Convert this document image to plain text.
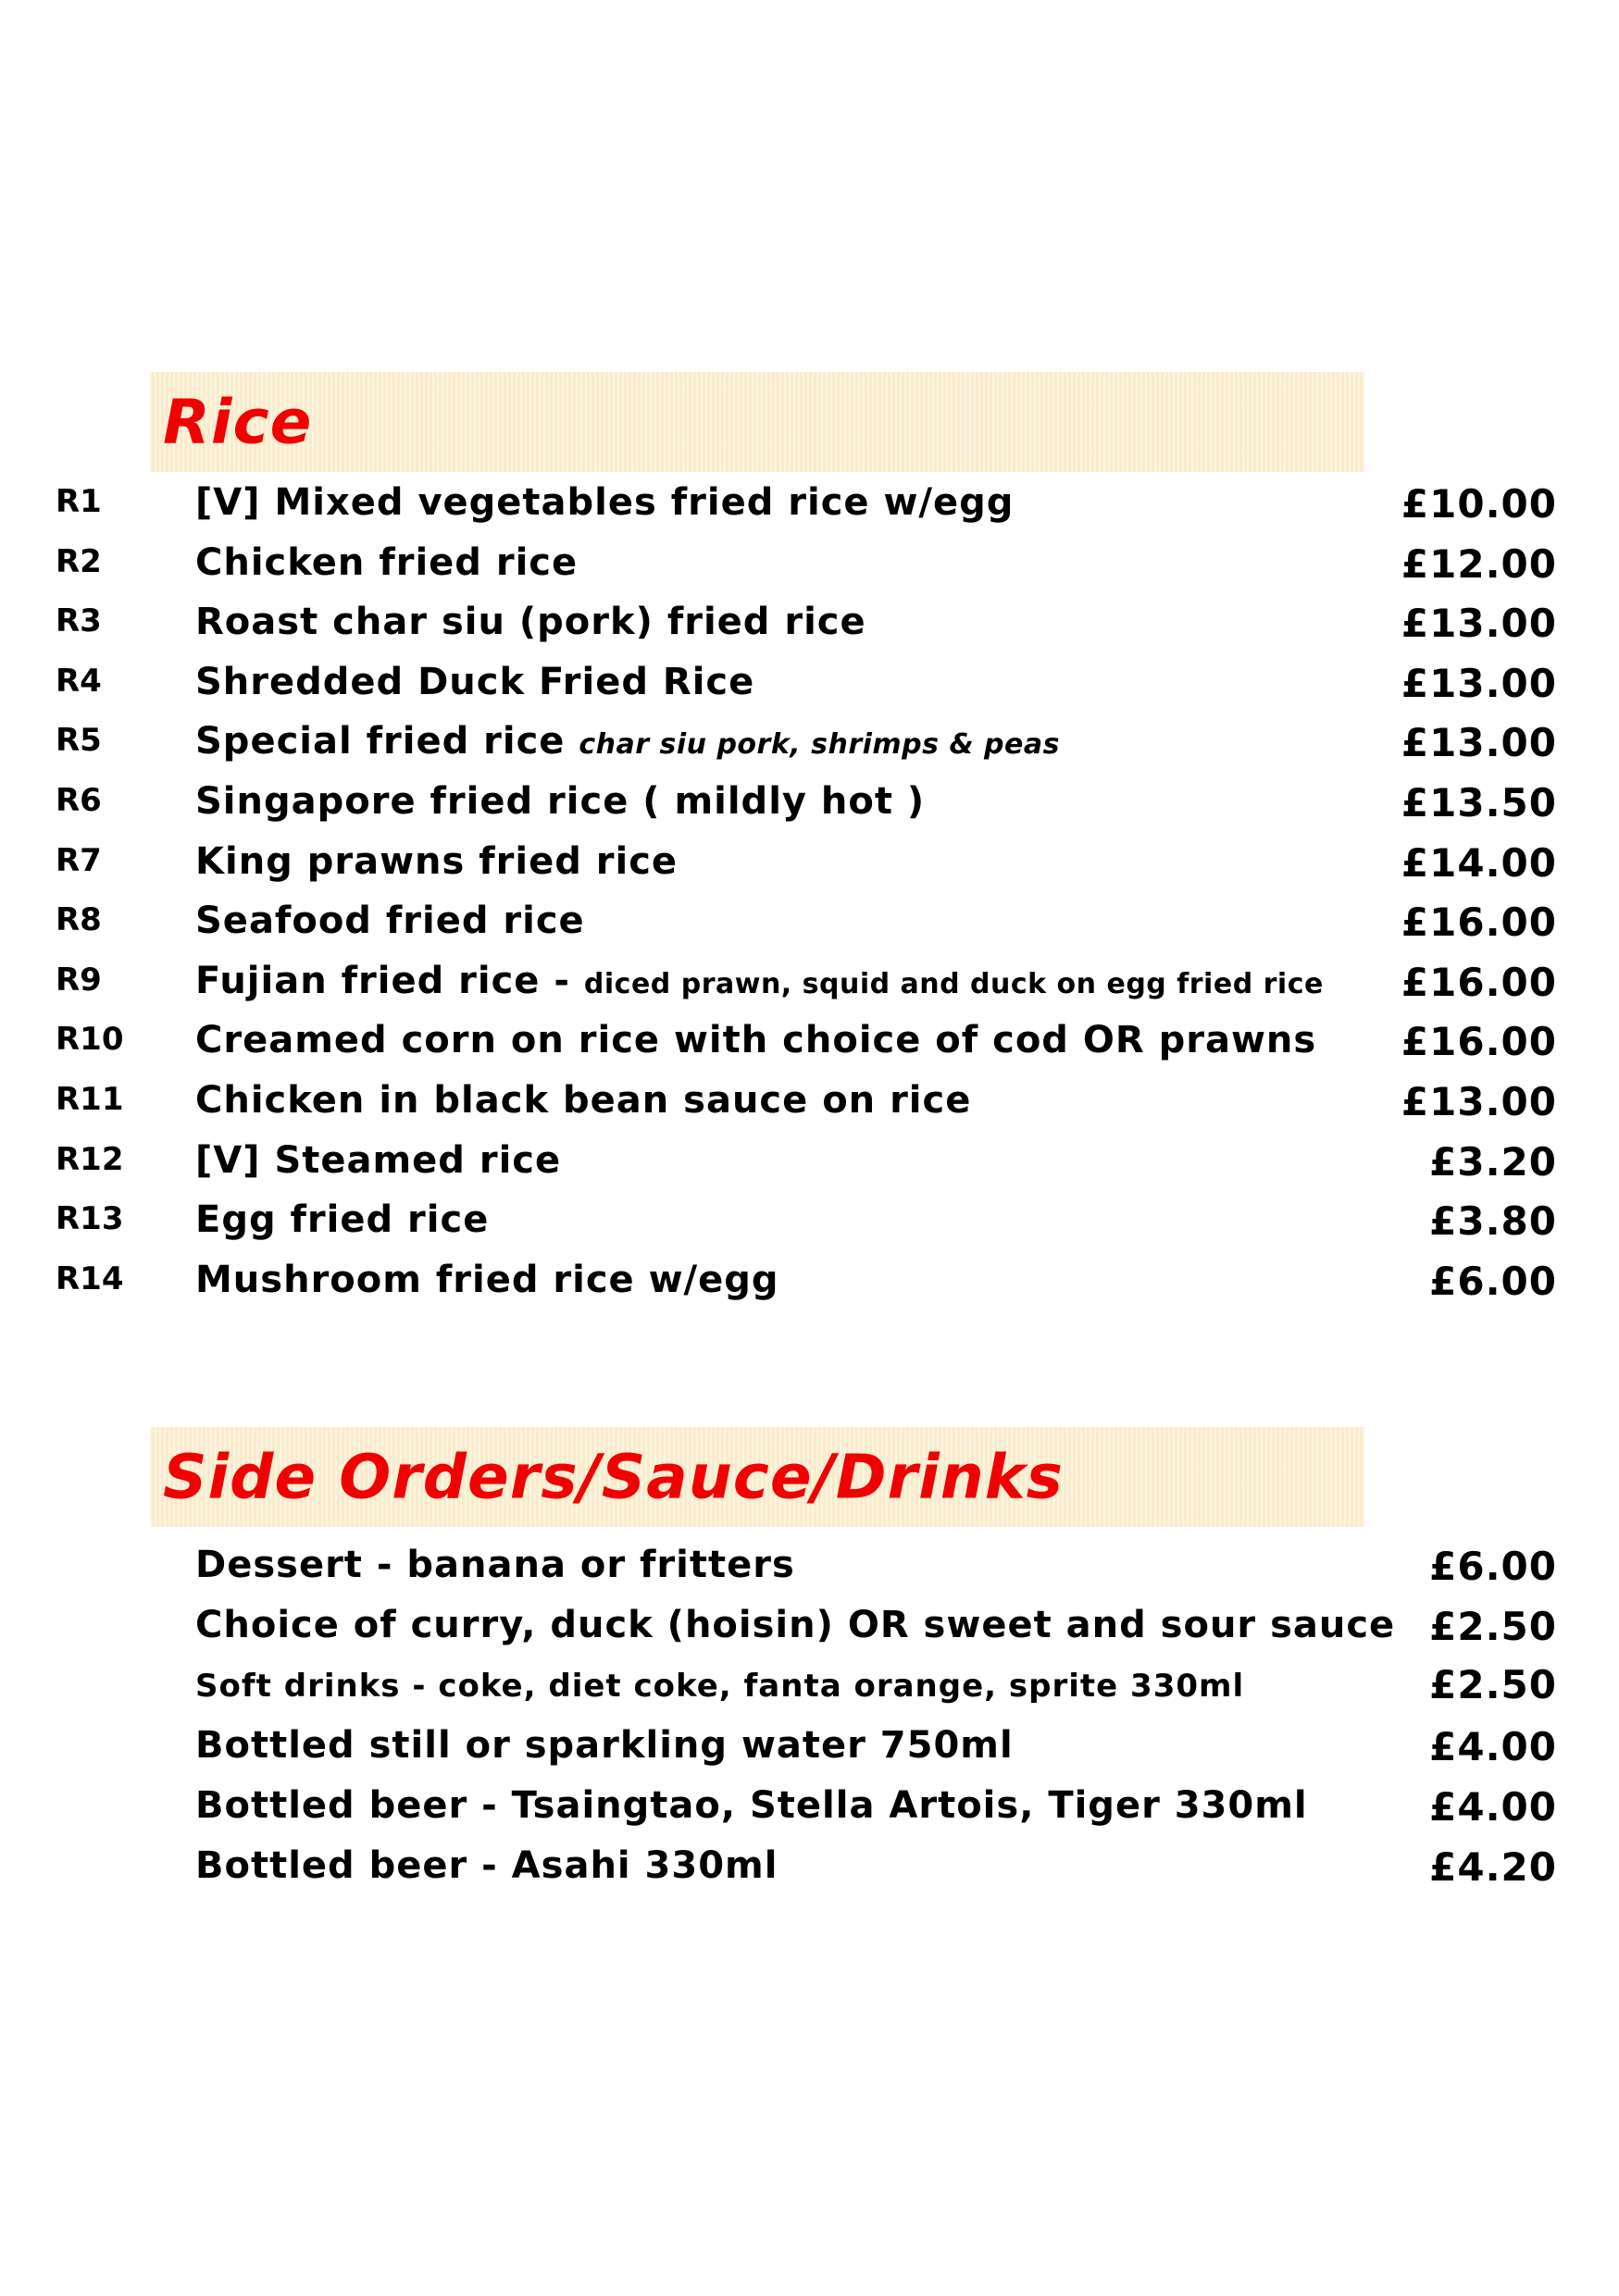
Rice
R1	[V] Mixed vegetables fried rice w/egg	£10.00
R2	Chicken fried rice	£12.00
R3	Roast char siu (pork) fried rice	£13.00
R4	Shredded Duck Fried Rice	£13.00
R5	Special fried rice char siu pork, shrimps & peas	£13.00
R6	Singapore fried rice ( mildly hot )	£13.50
R7	King prawns fried rice	£14.00
R8	Seafood fried rice	£16.00
R9	Fujian fried rice - diced prawn, squid and duck on egg fried rice £16.00
R10 Creamed corn on rice with choice of cod OR prawns £16.00
R11 Chicken in black bean sauce on rice	£13.00
R12 [V] Steamed rice	£3.20
R13 Egg fried rice	£3.80
R14 Mushroom fried rice w/egg	£6.00
Side Orders/Sauce/Drinks
Dessert - banana or fritters	£6.00
Choice of curry, duck (hoisin) OR sweet and sour sauce £2.50
Soft drinks - coke, diet coke, fanta orange, sprite 330ml	£2.50
Bottled still or sparkling water 750ml	£4.00
Bottled beer - Tsaingtao, Stella Artois, Tiger 330ml	£4.00
Bottled beer - Asahi 330ml	£4.20
